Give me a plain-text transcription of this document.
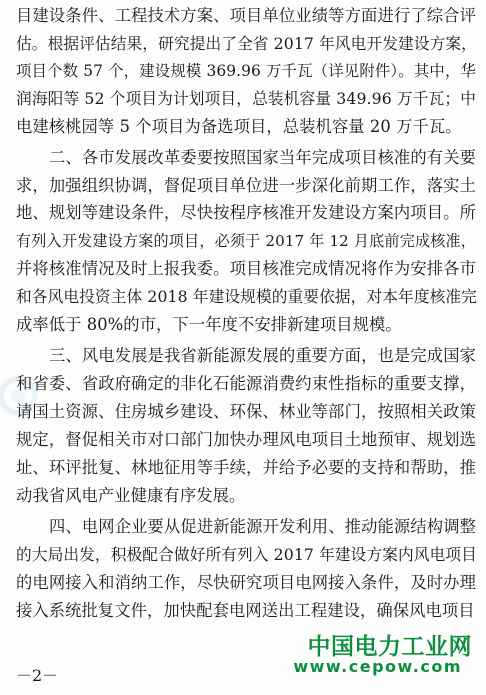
目建设条件、工程技术方案、项目单位业绩等方面进行了综合评
估。根据评估结果，研究提出了全省 2017 年风电开发建设方案，
项目个数 57 个，建设规模 369.96 万千瓦（详见附件）。其中，华
润海阳等 52 个项目为计划项目，总装机容量 349.96 万千瓦；中
电建核桃园等 5 个项目为备选项目，总装机容量 20 万千瓦。
二、各市发展改革委要按照国家当年完成项目核准的有关要
求，加强组织协调，督促项目单位进一步深化前期工作，落实土
地、规划等建设条件，尽快按程序核准开发建设方案内项目。所
有列入开发建设方案的项目，必须于 2017 年 12 月底前完成核准，
并将核准情况及时上报我委。项目核准完成情况将作为安排各市
和各风电投资主体 2018 年建设规模的重要依据，对本年度核准完
成率低于 80%的市，下一年度不安排新建项目规模。
三、风电发展是我省新能源发展的重要方面，也是完成国家
和省委、省政府确定的非化石能源消费约束性指标的重要支撑，
请国土资源、住房城乡建设、环保、林业等部门，按照相关政策
规定，督促相关市对口部门加快办理风电项目土地预审、规划选
址、环评批复、林地征用等手续，并给予必要的支持和帮助，推
动我省风电产业健康有序发展。
四、电网企业要从促进新能源开发利用、推动能源结构调整
的大局出发，积极配合做好所有列入 2017 年建设方案内风电项目
的电网接入和消纳工作，尽快研究项目电网接入条件，及时办理
接入系统批复文件，加快配套电网送出工程建设，确保风电项目
－2－
中国电力工业网
www.cepow.com
